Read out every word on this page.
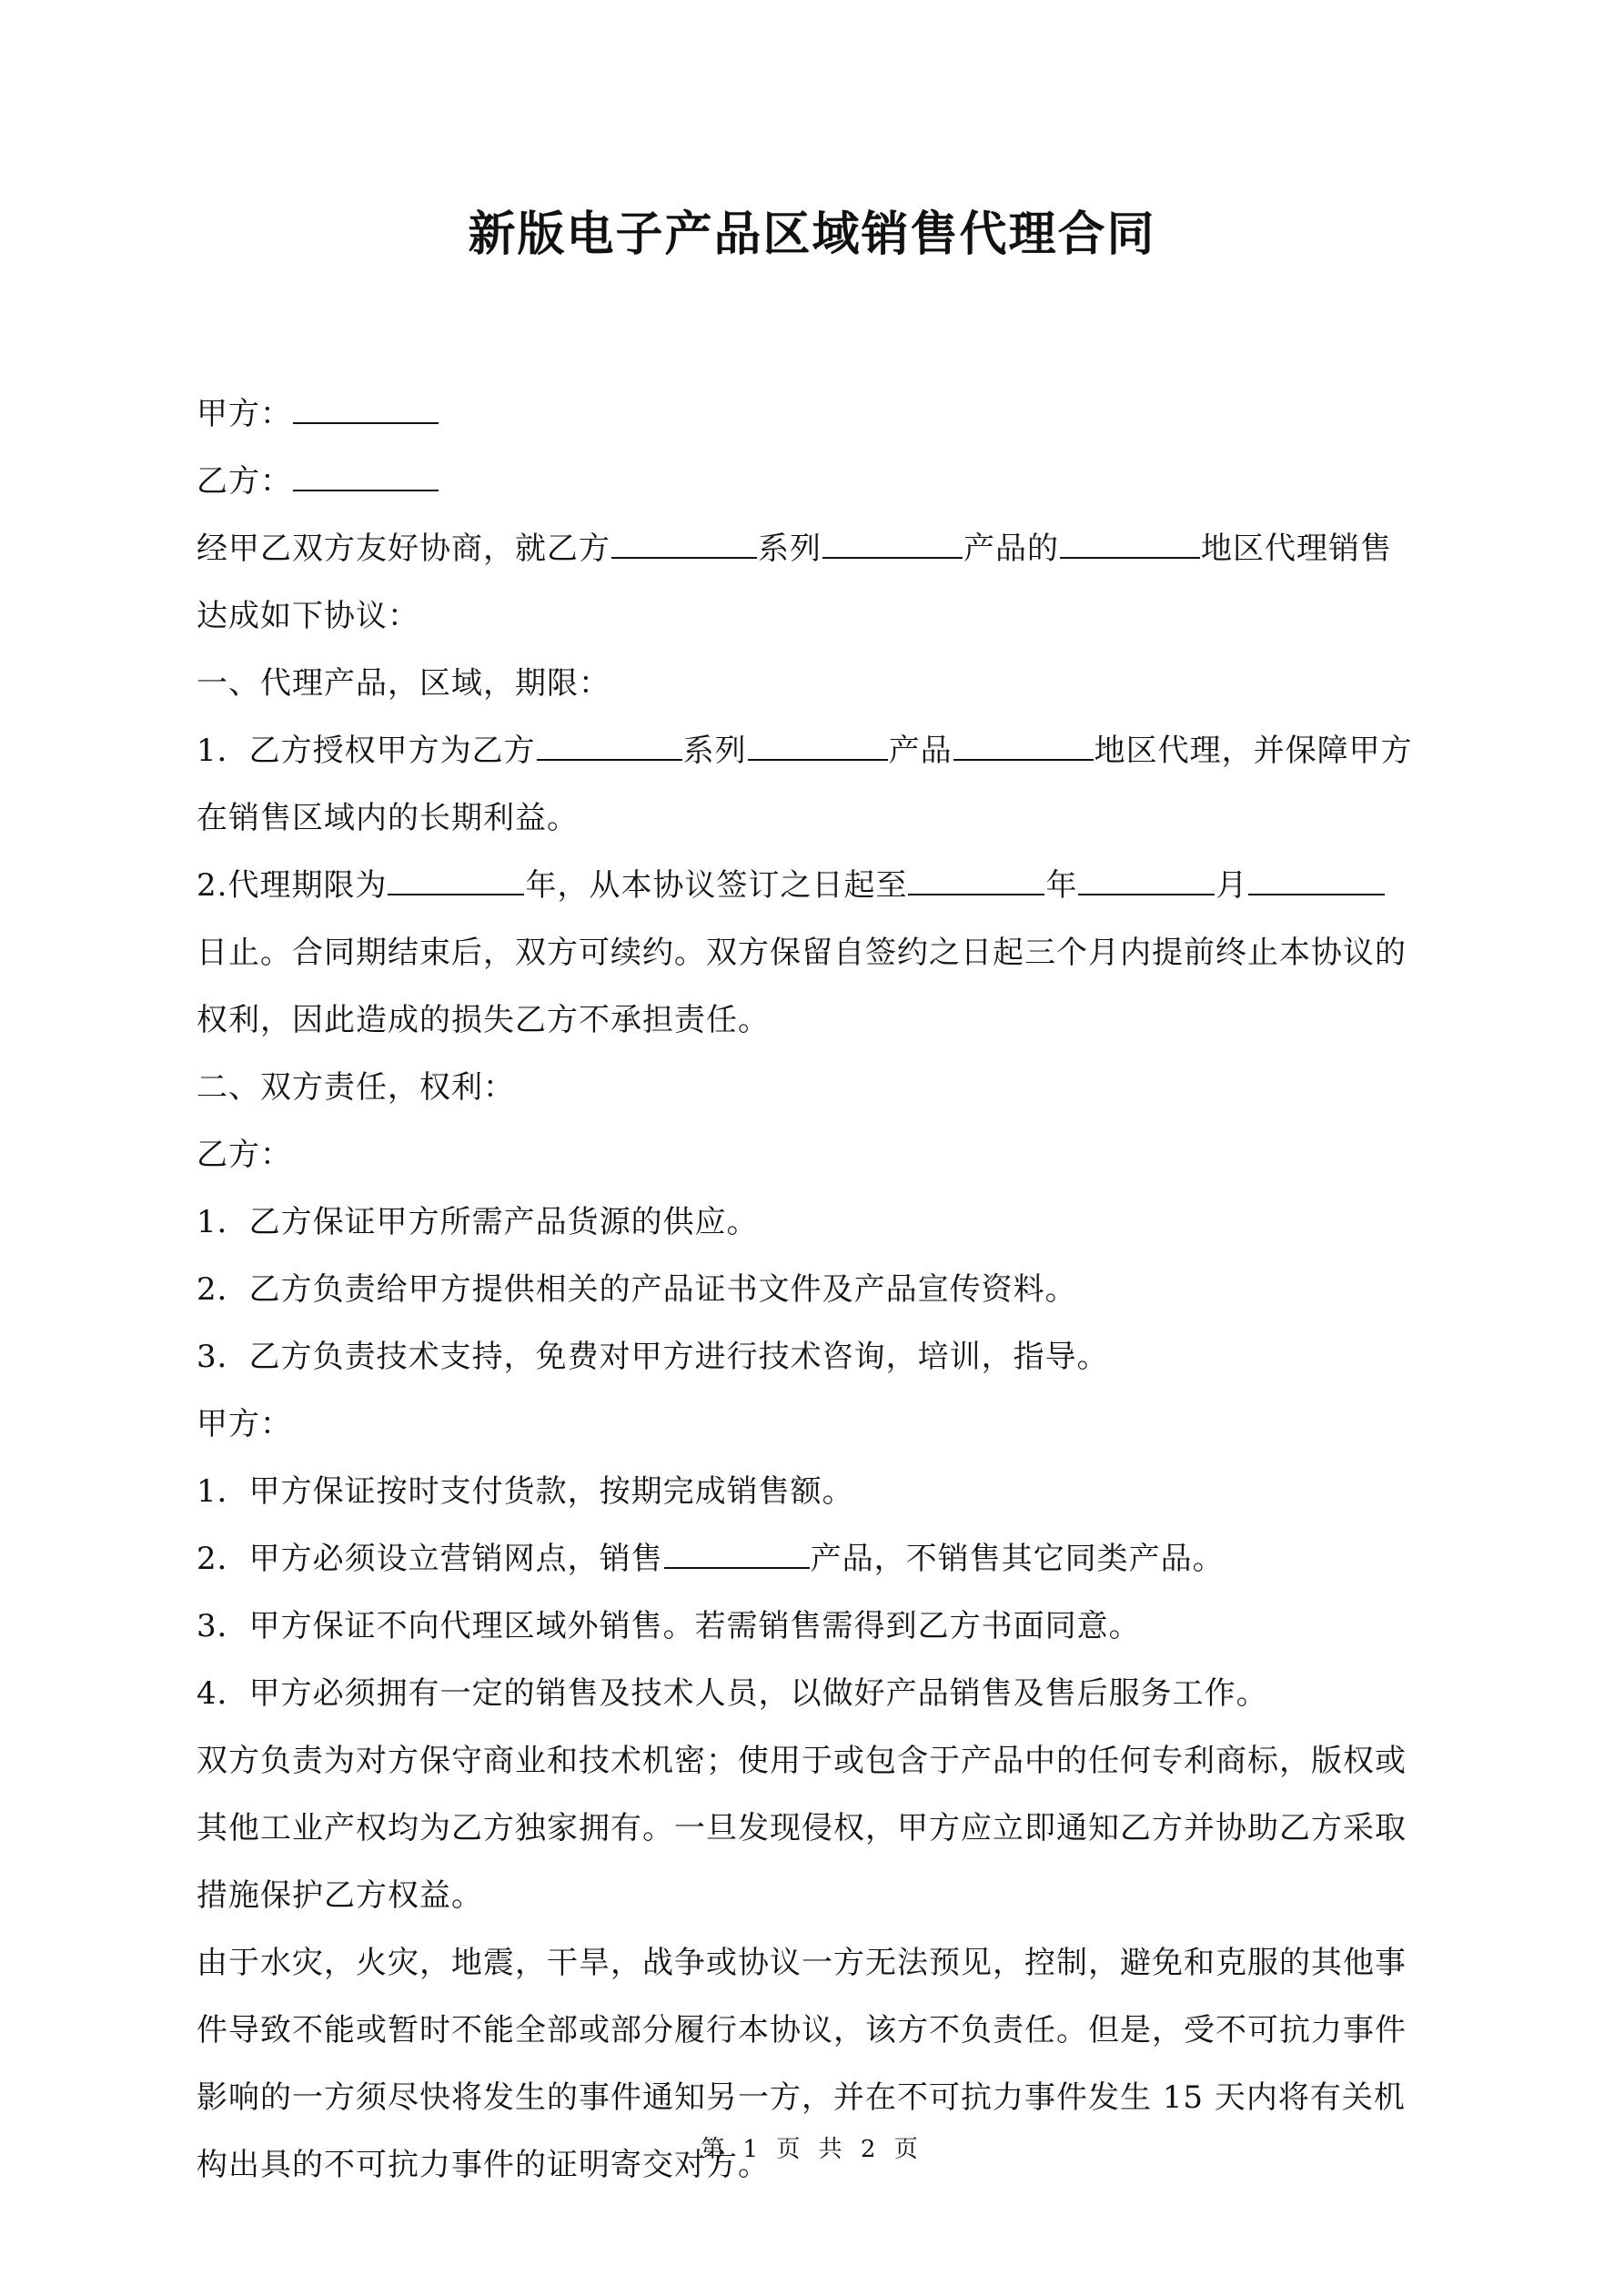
新版电子产品区域销售代理合同
甲方：
乙方：
经甲乙双方友好协商，就乙方	系列	产品的	地区代理销售
达成如下协议：
一、代理产品，区域，期限：
1．乙方授权甲方为乙方	系列	产品	地区代理，并保障甲方
在销售区域内的长期利益。
2.代理期限为	年，从本协议签订之日起至	年	月
日止。合同期结束后，双方可续约。双方保留自签约之日起三个月内提前终止本协议的
权利，因此造成的损失乙方不承担责任。
二、双方责任，权利：
乙方：
1．乙方保证甲方所需产品货源的供应。
2．乙方负责给甲方提供相关的产品证书文件及产品宣传资料。
3．乙方负责技术支持，免费对甲方进行技术咨询，培训，指导。
甲方：
1．甲方保证按时支付货款，按期完成销售额。
2．甲方必须设立营销网点，销售	产品，不销售其它同类产品。
3．甲方保证不向代理区域外销售。若需销售需得到乙方书面同意。
4．甲方必须拥有一定的销售及技术人员，以做好产品销售及售后服务工作。
双方负责为对方保守商业和技术机密；使用于或包含于产品中的任何专利商标，版权或
其他工业产权均为乙方独家拥有。一旦发现侵权，甲方应立即通知乙方并协助乙方采取
措施保护乙方权益。
由于水灾，火灾，地震，干旱，战争或协议一方无法预见，控制，避免和克服的其他事
件导致不能或暂时不能全部或部分履行本协议，该方不负责任。但是，受不可抗力事件
影响的一方须尽快将发生的事件通知另一方，并在不可抗力事件发生 15 天内将有关机
构出具的不可抗力事件的证明寄交对方。
第 1 页 共 2 页
